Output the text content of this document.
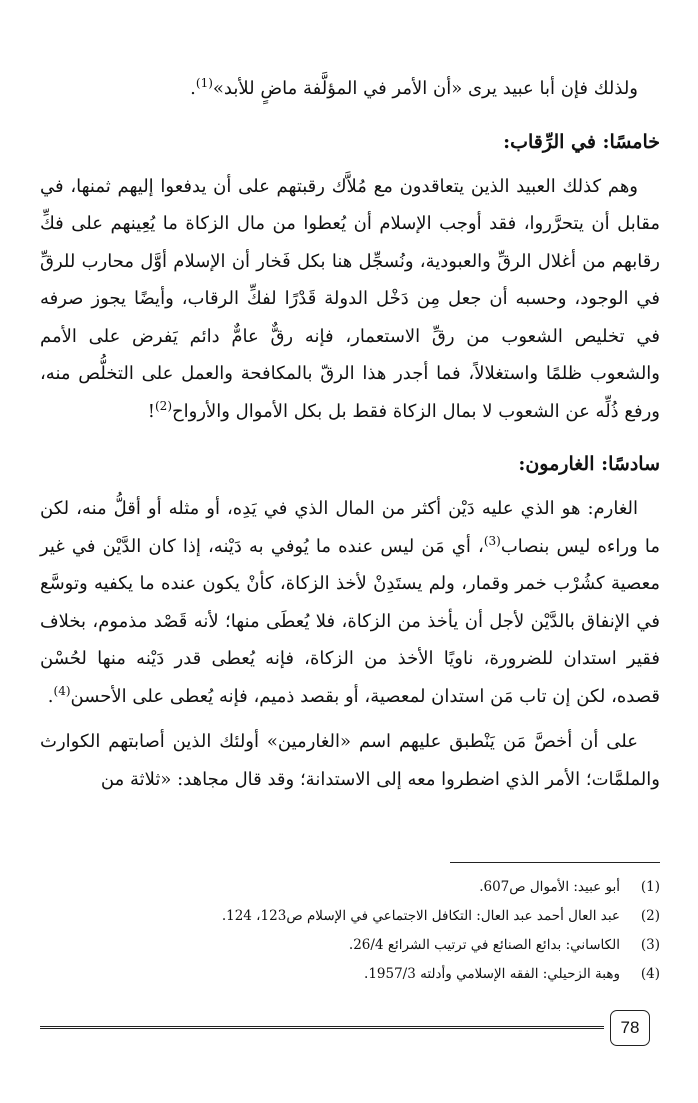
ولذلك فإن أبا عبيد يرى «أن الأمر في المؤلَّفة ماضٍ للأبد»$^{(1)}$.

خامسًا: في الرِّقاب:

وهم كذلك العبيد الذين يتعاقدون مع مُلاَّك رقبتهم على أن يدفعوا إليهم ثمنها، في مقابل أن يتحرَّروا، فقد أوجب الإسلام أن يُعطوا من مال الزكاة ما يُعِينهم على فكِّ رقابهم من أغلال الرقِّ والعبودية، ونُسجِّل هنا بكل فَخار أن الإسلام أوَّل محارب للرقِّ في الوجود، وحسبه أن جعل مِن دَخْل الدولة قَدْرًا لفكِّ الرقاب، وأيضًا يجوز صرفه في تخليص الشعوب من رقِّ الاستعمار، فإنه رقٌّ عامٌّ دائم يَفرض على الأمم والشعوب ظلمًا واستغلالاً، فما أجدر هذا الرقّ بالمكافحة والعمل على التخلُّص منه، ورفع ذُلِّه عن الشعوب لا بمال الزكاة فقط بل بكل الأموال والأرواح$^{(2)}$!

سادسًا: الغارمون:

الغارم: هو الذي عليه دَيْن أكثر من المال الذي في يَدِه، أو مثله أو أقلُّ منه، لكن ما وراءه ليس بنصاب$^{(3)}$، أي مَن ليس عنده ما يُوفي به دَيْنه، إذا كان الدَّيْن في غير معصية كشُرْب خمر وقمار، ولم يستَدِنْ لأخذ الزكاة، كأنْ يكون عنده ما يكفيه وتوسَّع في الإنفاق بالدَّيْن لأجل أن يأخذ من الزكاة، فلا يُعطَى منها؛ لأنه قَصْد مذموم، بخلاف فقير استدان للضرورة، ناويًا الأخذ من الزكاة، فإنه يُعطى قدر دَيْنه منها لحُسْن قصده، لكن إن تاب مَن استدان لمعصية، أو بقصد ذميم، فإنه يُعطى على الأحسن$^{(4)}$.

على أن أخصَّ مَن يَنْطبق عليهم اسم «الغارمين» أولئك الذين أصابتهم الكوارث والملمَّات؛ الأمر الذي اضطروا معه إلى الاستدانة؛ وقد قال مجاهد: «ثلاثة من

(1)
أبو عبيد: الأموال ص607.
(2)
عبد العال أحمد عبد العال: التكافل الاجتماعي في الإسلام ص123، 124.
(3)
الكاساني: بدائع الصنائع في ترتيب الشرائع 26/4.
(4)
وهبة الزحيلي: الفقه الإسلامي وأدلته 1957/3.
78
